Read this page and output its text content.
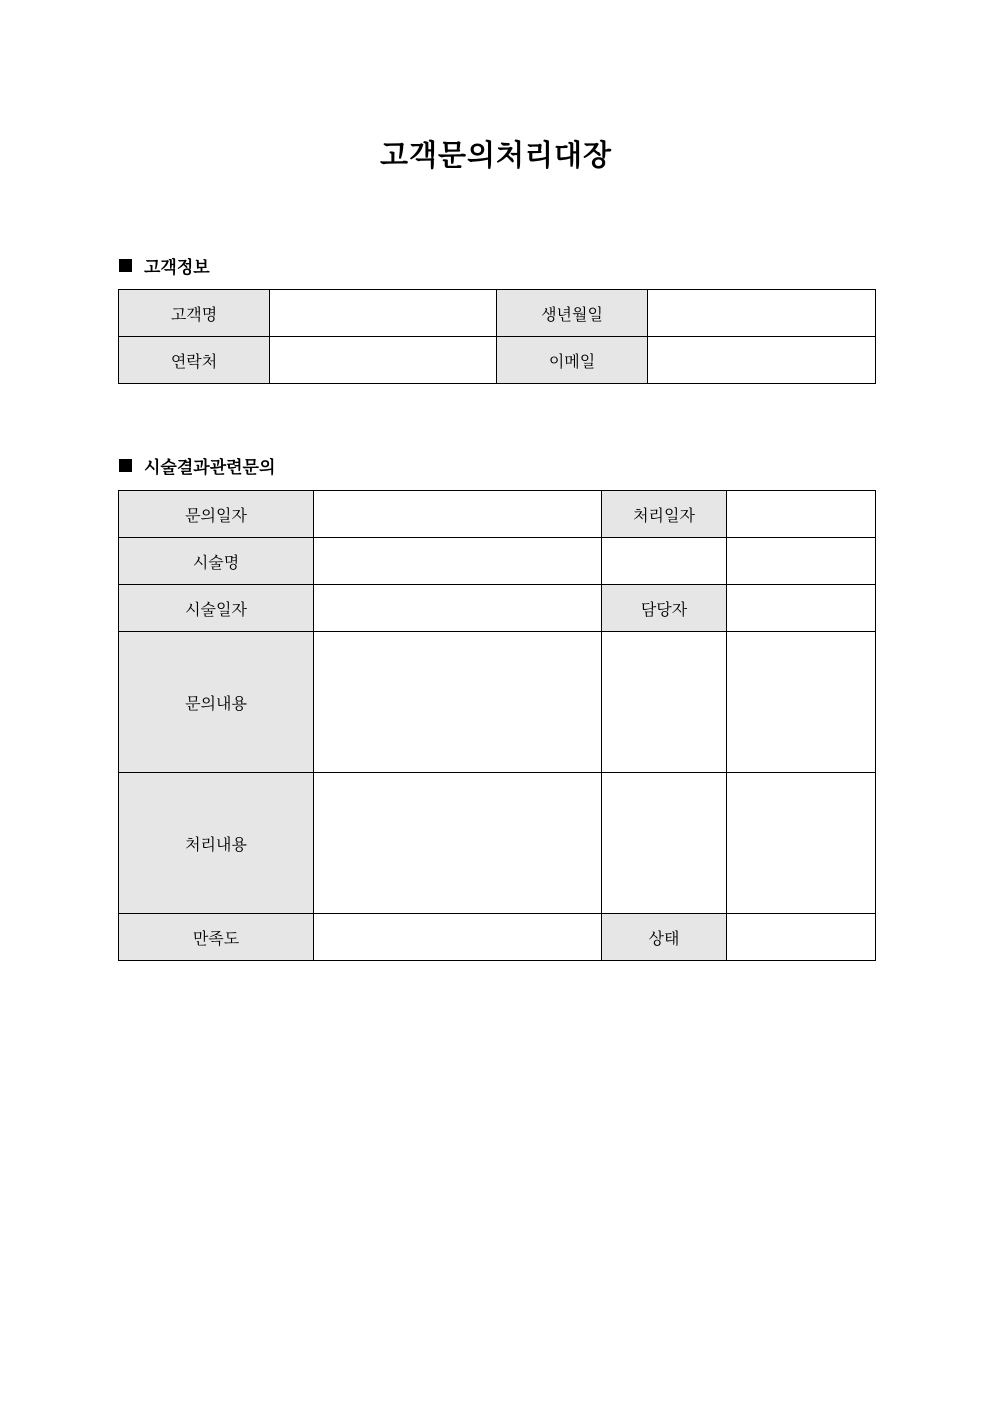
고객문의처리대장
고객정보
고객명		생년월일	
연락처		이메일	
시술결과관련문의
문의일자		처리일자	
시술명			
시술일자		담당자	
문의내용			
처리내용			
만족도		상태	
